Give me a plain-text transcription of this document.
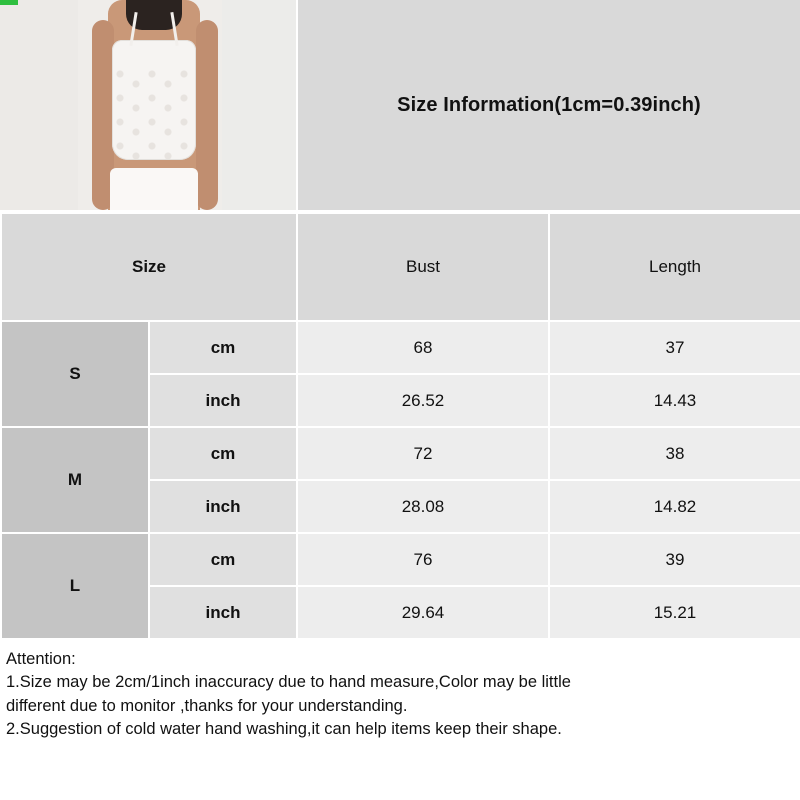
Size Information(1cm=0.39inch)
Size		Bust	Length
S	cm	68	37
	inch	26.52	14.43
M	cm	72	38
	inch	28.08	14.82
L	cm	76	39
	inch	29.64	15.21
Attention:
1.Size may be 2cm/1inch inaccuracy due to hand measure,Color may be little
different due to monitor ,thanks for your understanding.
2.Suggestion of cold water hand washing,it can help items keep their shape.
